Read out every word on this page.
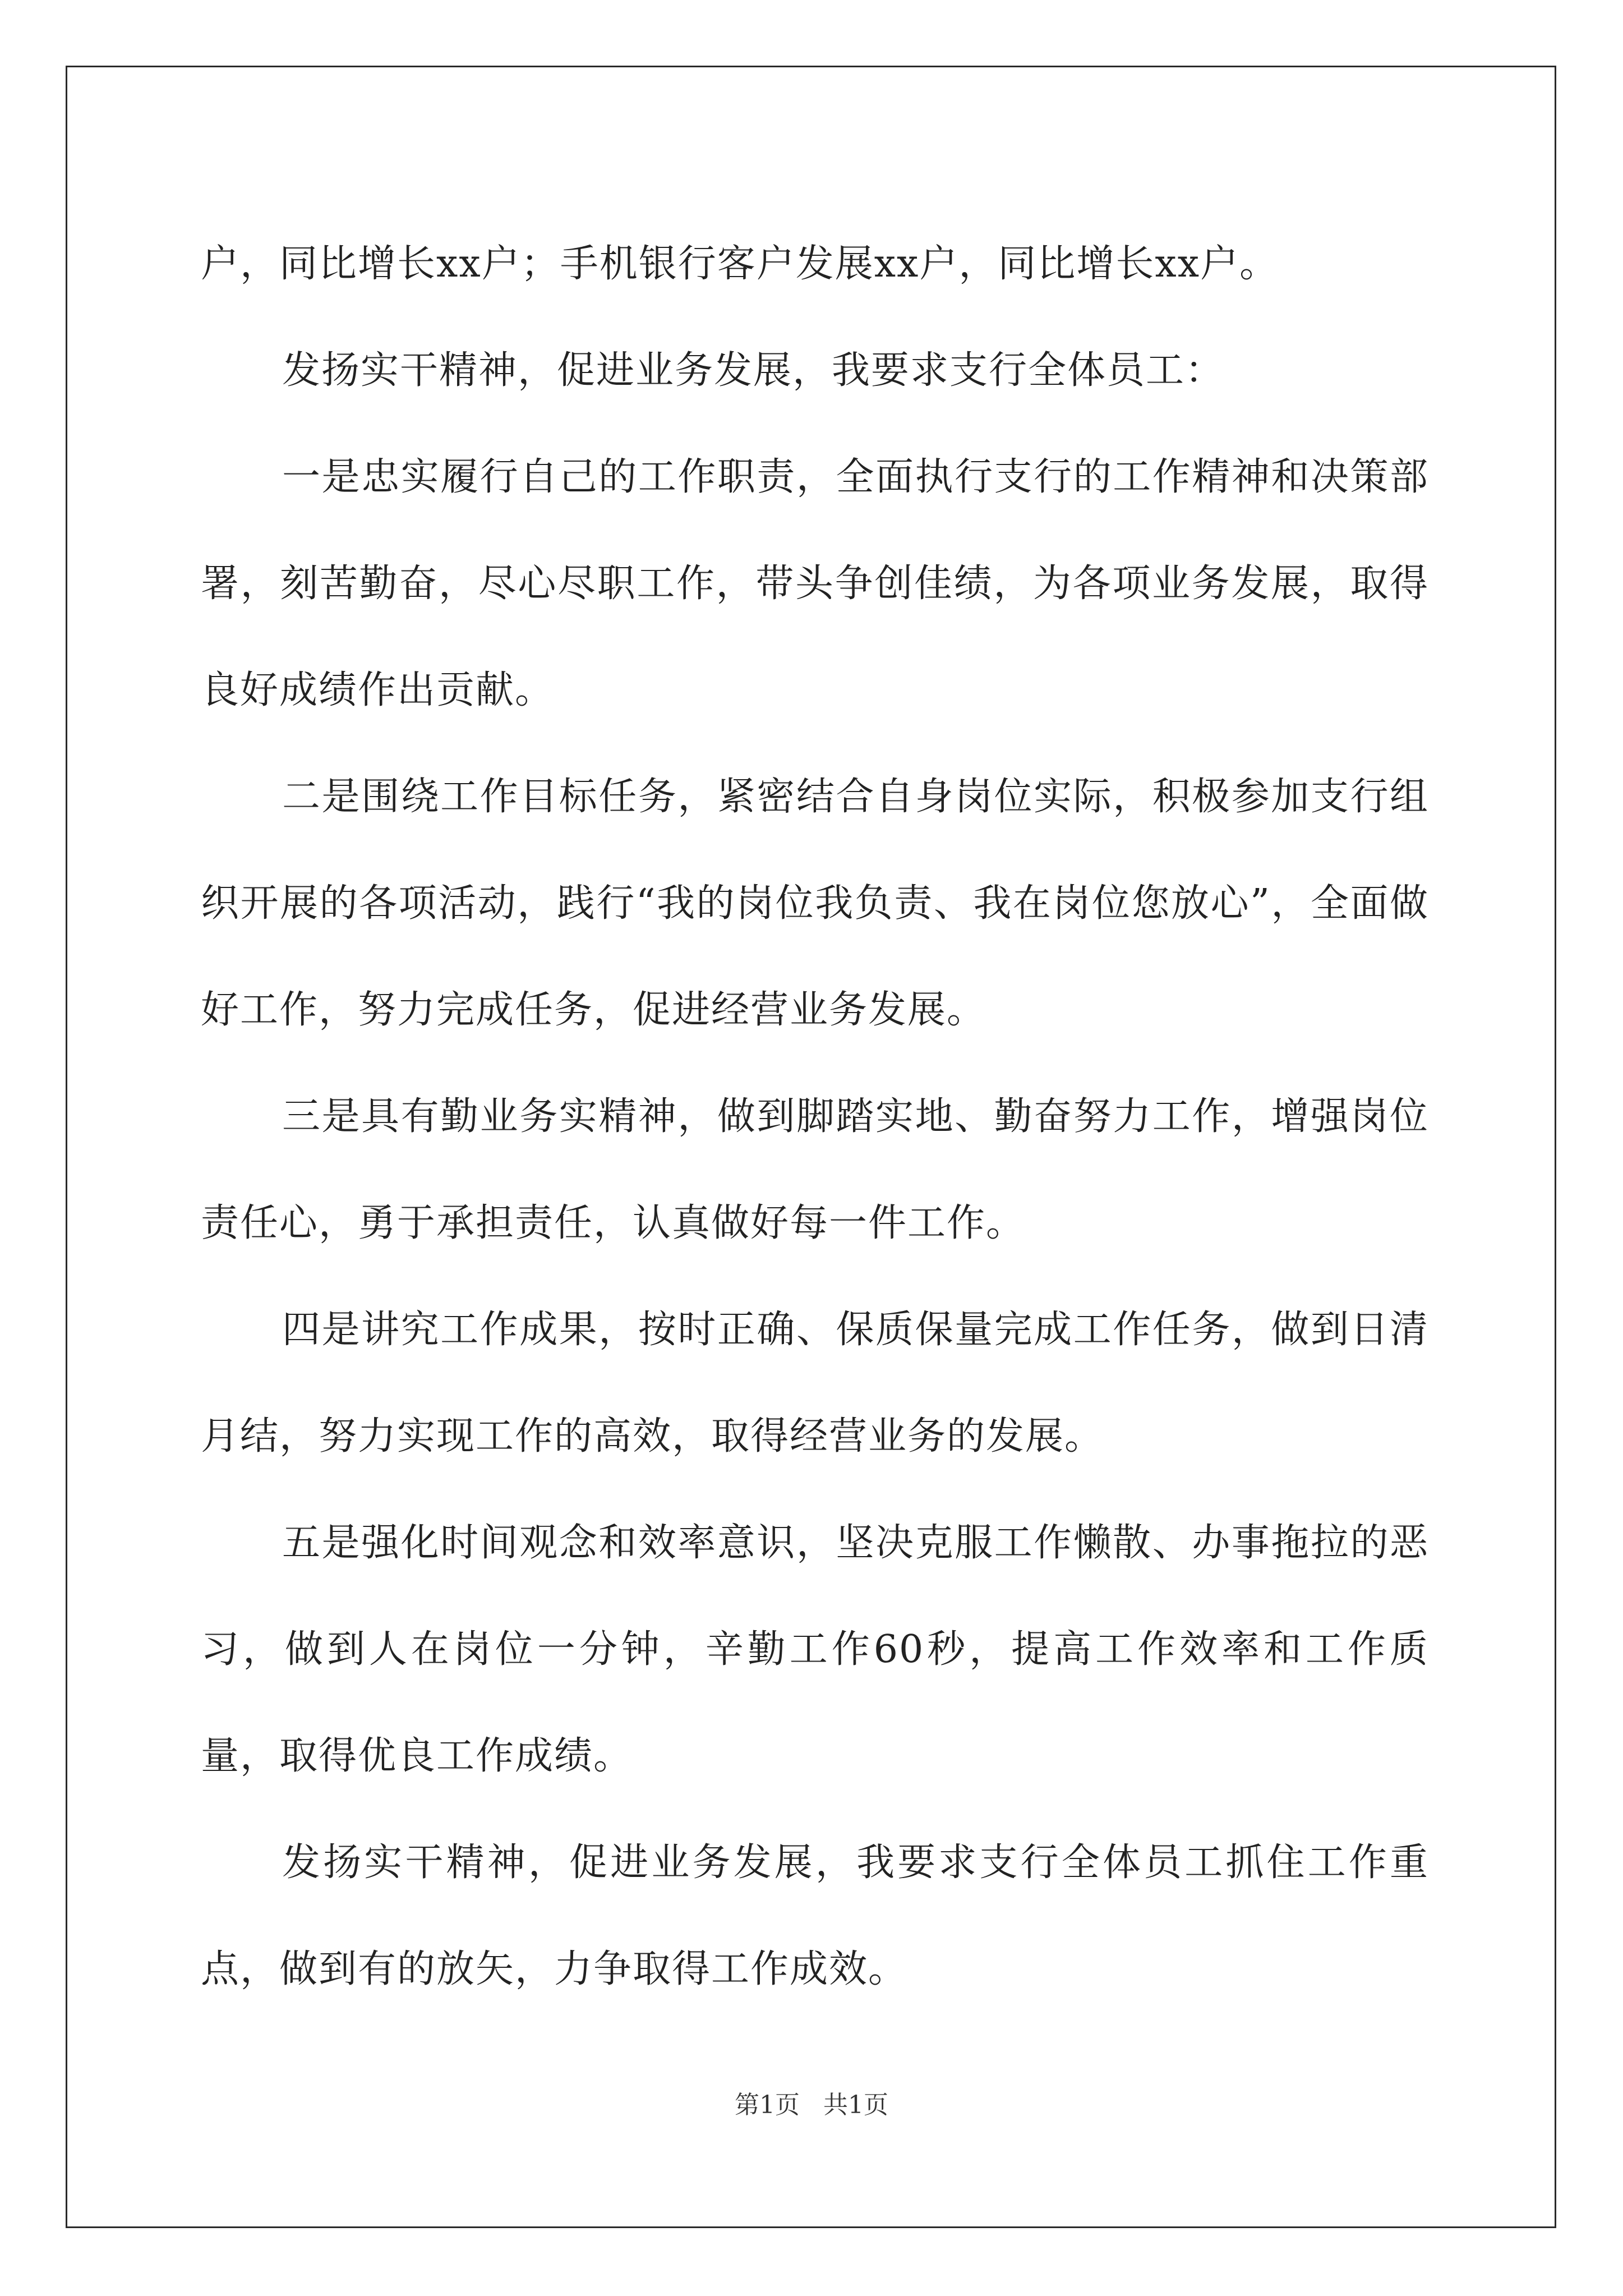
户，同比增长xx户；手机银行客户发展xx户，同比增长xx户。

发扬实干精神，促进业务发展，我要求支行全体员工：

一是忠实履行自己的工作职责，全面执行支行的工作精神和决策部署，刻苦勤奋，尽心尽职工作，带头争创佳绩，为各项业务发展，取得良好成绩作出贡献。

二是围绕工作目标任务，紧密结合自身岗位实际，积极参加支行组织开展的各项活动，践行“我的岗位我负责、我在岗位您放心”，全面做好工作，努力完成任务，促进经营业务发展。

三是具有勤业务实精神，做到脚踏实地、勤奋努力工作，增强岗位责任心，勇于承担责任，认真做好每一件工作。

四是讲究工作成果，按时正确、保质保量完成工作任务，做到日清月结，努力实现工作的高效，取得经营业务的发展。

五是强化时间观念和效率意识，坚决克服工作懒散、办事拖拉的恶习，做到人在岗位一分钟，辛勤工作60秒，提高工作效率和工作质量，取得优良工作成绩。

发扬实干精神，促进业务发展，我要求支行全体员工抓住工作重点，做到有的放矢，力争取得工作成效。

第1页 共1页
